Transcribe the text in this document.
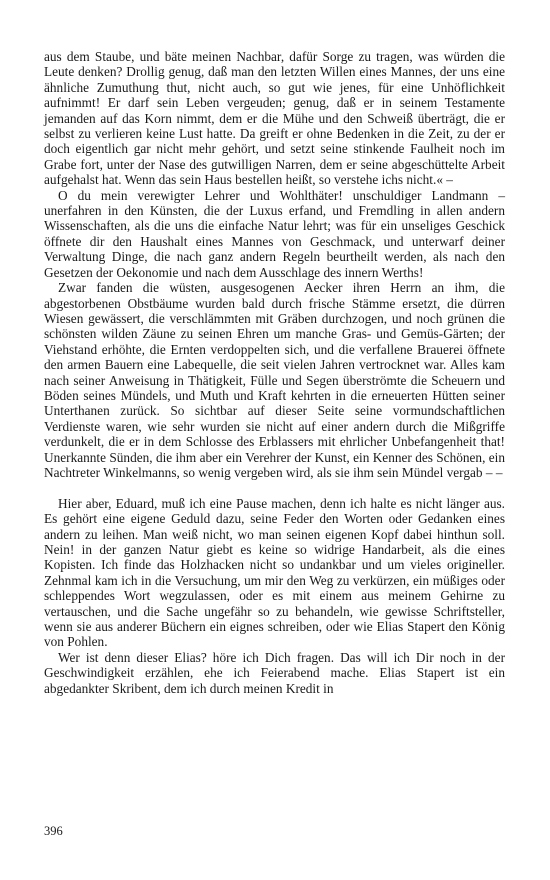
aus dem Staube, und bäte meinen Nachbar, dafür Sorge zu tragen, was würden die Leute denken? Drollig genug, daß man den letzten Willen eines Mannes, der uns eine ähnliche Zumuthung thut, nicht auch, so gut wie jenes, für eine Unhöflichkeit aufnimmt! Er darf sein Leben vergeuden; genug, daß er in seinem Testamente jemanden auf das Korn nimmt, dem er die Mühe und den Schweiß überträgt, die er selbst zu verlieren keine Lust hatte. Da greift er ohne Bedenken in die Zeit, zu der er doch eigentlich gar nicht mehr gehört, und setzt seine stinkende Faulheit noch im Grabe fort, unter der Nase des gutwilligen Narren, dem er seine abgeschüttelte Arbeit aufgehalst hat. Wenn das sein Haus bestellen heißt, so verstehe ichs nicht.« –

O du mein verewigter Lehrer und Wohlthäter! unschuldiger Landmann – unerfahren in den Künsten, die der Luxus erfand, und Fremdling in allen andern Wissenschaften, als die uns die einfache Natur lehrt; was für ein unseliges Geschick öffnete dir den Haushalt eines Mannes von Geschmack, und unterwarf deiner Verwaltung Dinge, die nach ganz andern Regeln beurtheilt werden, als nach den Gesetzen der Oekonomie und nach dem Ausschlage des innern Werths!

Zwar fanden die wüsten, ausgesogenen Aecker ihren Herrn an ihm, die abgestorbenen Obstbäume wurden bald durch frische Stämme ersetzt, die dürren Wiesen gewässert, die verschlämmten mit Gräben durchzogen, und noch grünen die schönsten wilden Zäune zu seinen Ehren um manche Gras- und Gemüs-Gärten; der Viehstand erhöhte, die Ernten verdoppelten sich, und die verfallene Brauerei öffnete den armen Bauern eine Labequelle, die seit vielen Jahren vertrocknet war. Alles kam nach seiner Anweisung in Thätigkeit, Fülle und Segen überströmte die Scheuern und Böden seines Mündels, und Muth und Kraft kehrten in die erneuerten Hütten seiner Unterthanen zurück. So sichtbar auf dieser Seite seine vormundschaftlichen Verdienste waren, wie sehr wurden sie nicht auf einer andern durch die Mißgriffe verdunkelt, die er in dem Schlosse des Erblassers mit ehrlicher Unbefangenheit that! Unerkannte Sünden, die ihm aber ein Verehrer der Kunst, ein Kenner des Schönen, ein Nachtreter Winkelmanns, so wenig vergeben wird, als sie ihm sein Mündel vergab – –

Hier aber, Eduard, muß ich eine Pause machen, denn ich halte es nicht länger aus. Es gehört eine eigene Geduld dazu, seine Feder den Worten oder Gedanken eines andern zu leihen. Man weiß nicht, wo man seinen eigenen Kopf dabei hinthun soll. Nein! in der ganzen Natur giebt es keine so widrige Handarbeit, als die eines Kopisten. Ich finde das Holzhacken nicht so undankbar und um vieles origineller. Zehnmal kam ich in die Versuchung, um mir den Weg zu verkürzen, ein müßiges oder schleppendes Wort wegzulassen, oder es mit einem aus meinem Gehirne zu vertauschen, und die Sache ungefähr so zu behandeln, wie gewisse Schriftsteller, wenn sie aus anderer Büchern ein eignes schreiben, oder wie Elias Stapert den König von Pohlen.

Wer ist denn dieser Elias? höre ich Dich fragen. Das will ich Dir noch in der Geschwindigkeit erzählen, ehe ich Feierabend mache. Elias Stapert ist ein abgedankter Skribent, dem ich durch meinen Kredit in

396
